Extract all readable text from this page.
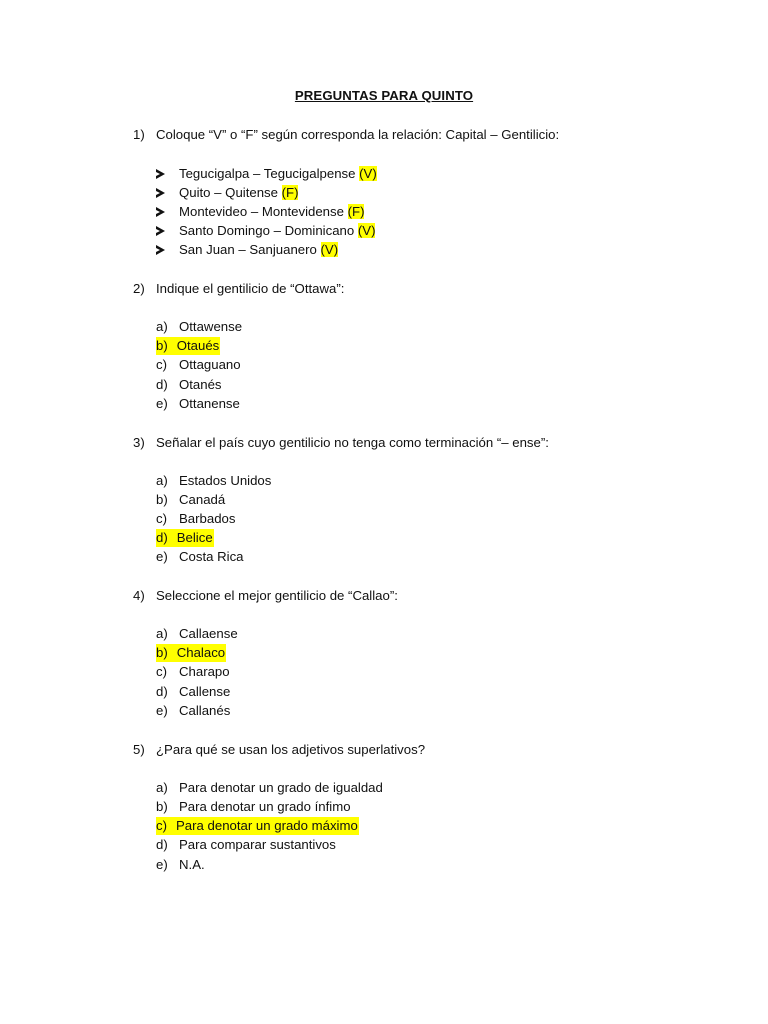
PREGUNTAS PARA QUINTO
1) Coloque “V” o “F” según corresponda la relación: Capital – Gentilicio:
Tegucigalpa – Tegucigalpense (V)
Quito – Quitense (F)
Montevideo – Montevidense (F)
Santo Domingo – Dominicano (V)
San Juan – Sanjuanero (V)
2) Indique el gentilicio de “Ottawa”:
a) Ottawense
b) Otaués
c) Ottaguano
d) Otanés
e) Ottanense
3) Señalar el país cuyo gentilicio no tenga como terminación “– ense”:
a) Estados Unidos
b) Canadá
c) Barbados
d) Belice
e) Costa Rica
4) Seleccione el mejor gentilicio de “Callao”:
a) Callaense
b) Chalaco
c) Charapo
d) Callense
e) Callanés
5) ¿Para qué se usan los adjetivos superlativos?
a) Para denotar un grado de igualdad
b) Para denotar un grado ínfimo
c) Para denotar un grado máximo
d) Para comparar sustantivos
e) N.A.
